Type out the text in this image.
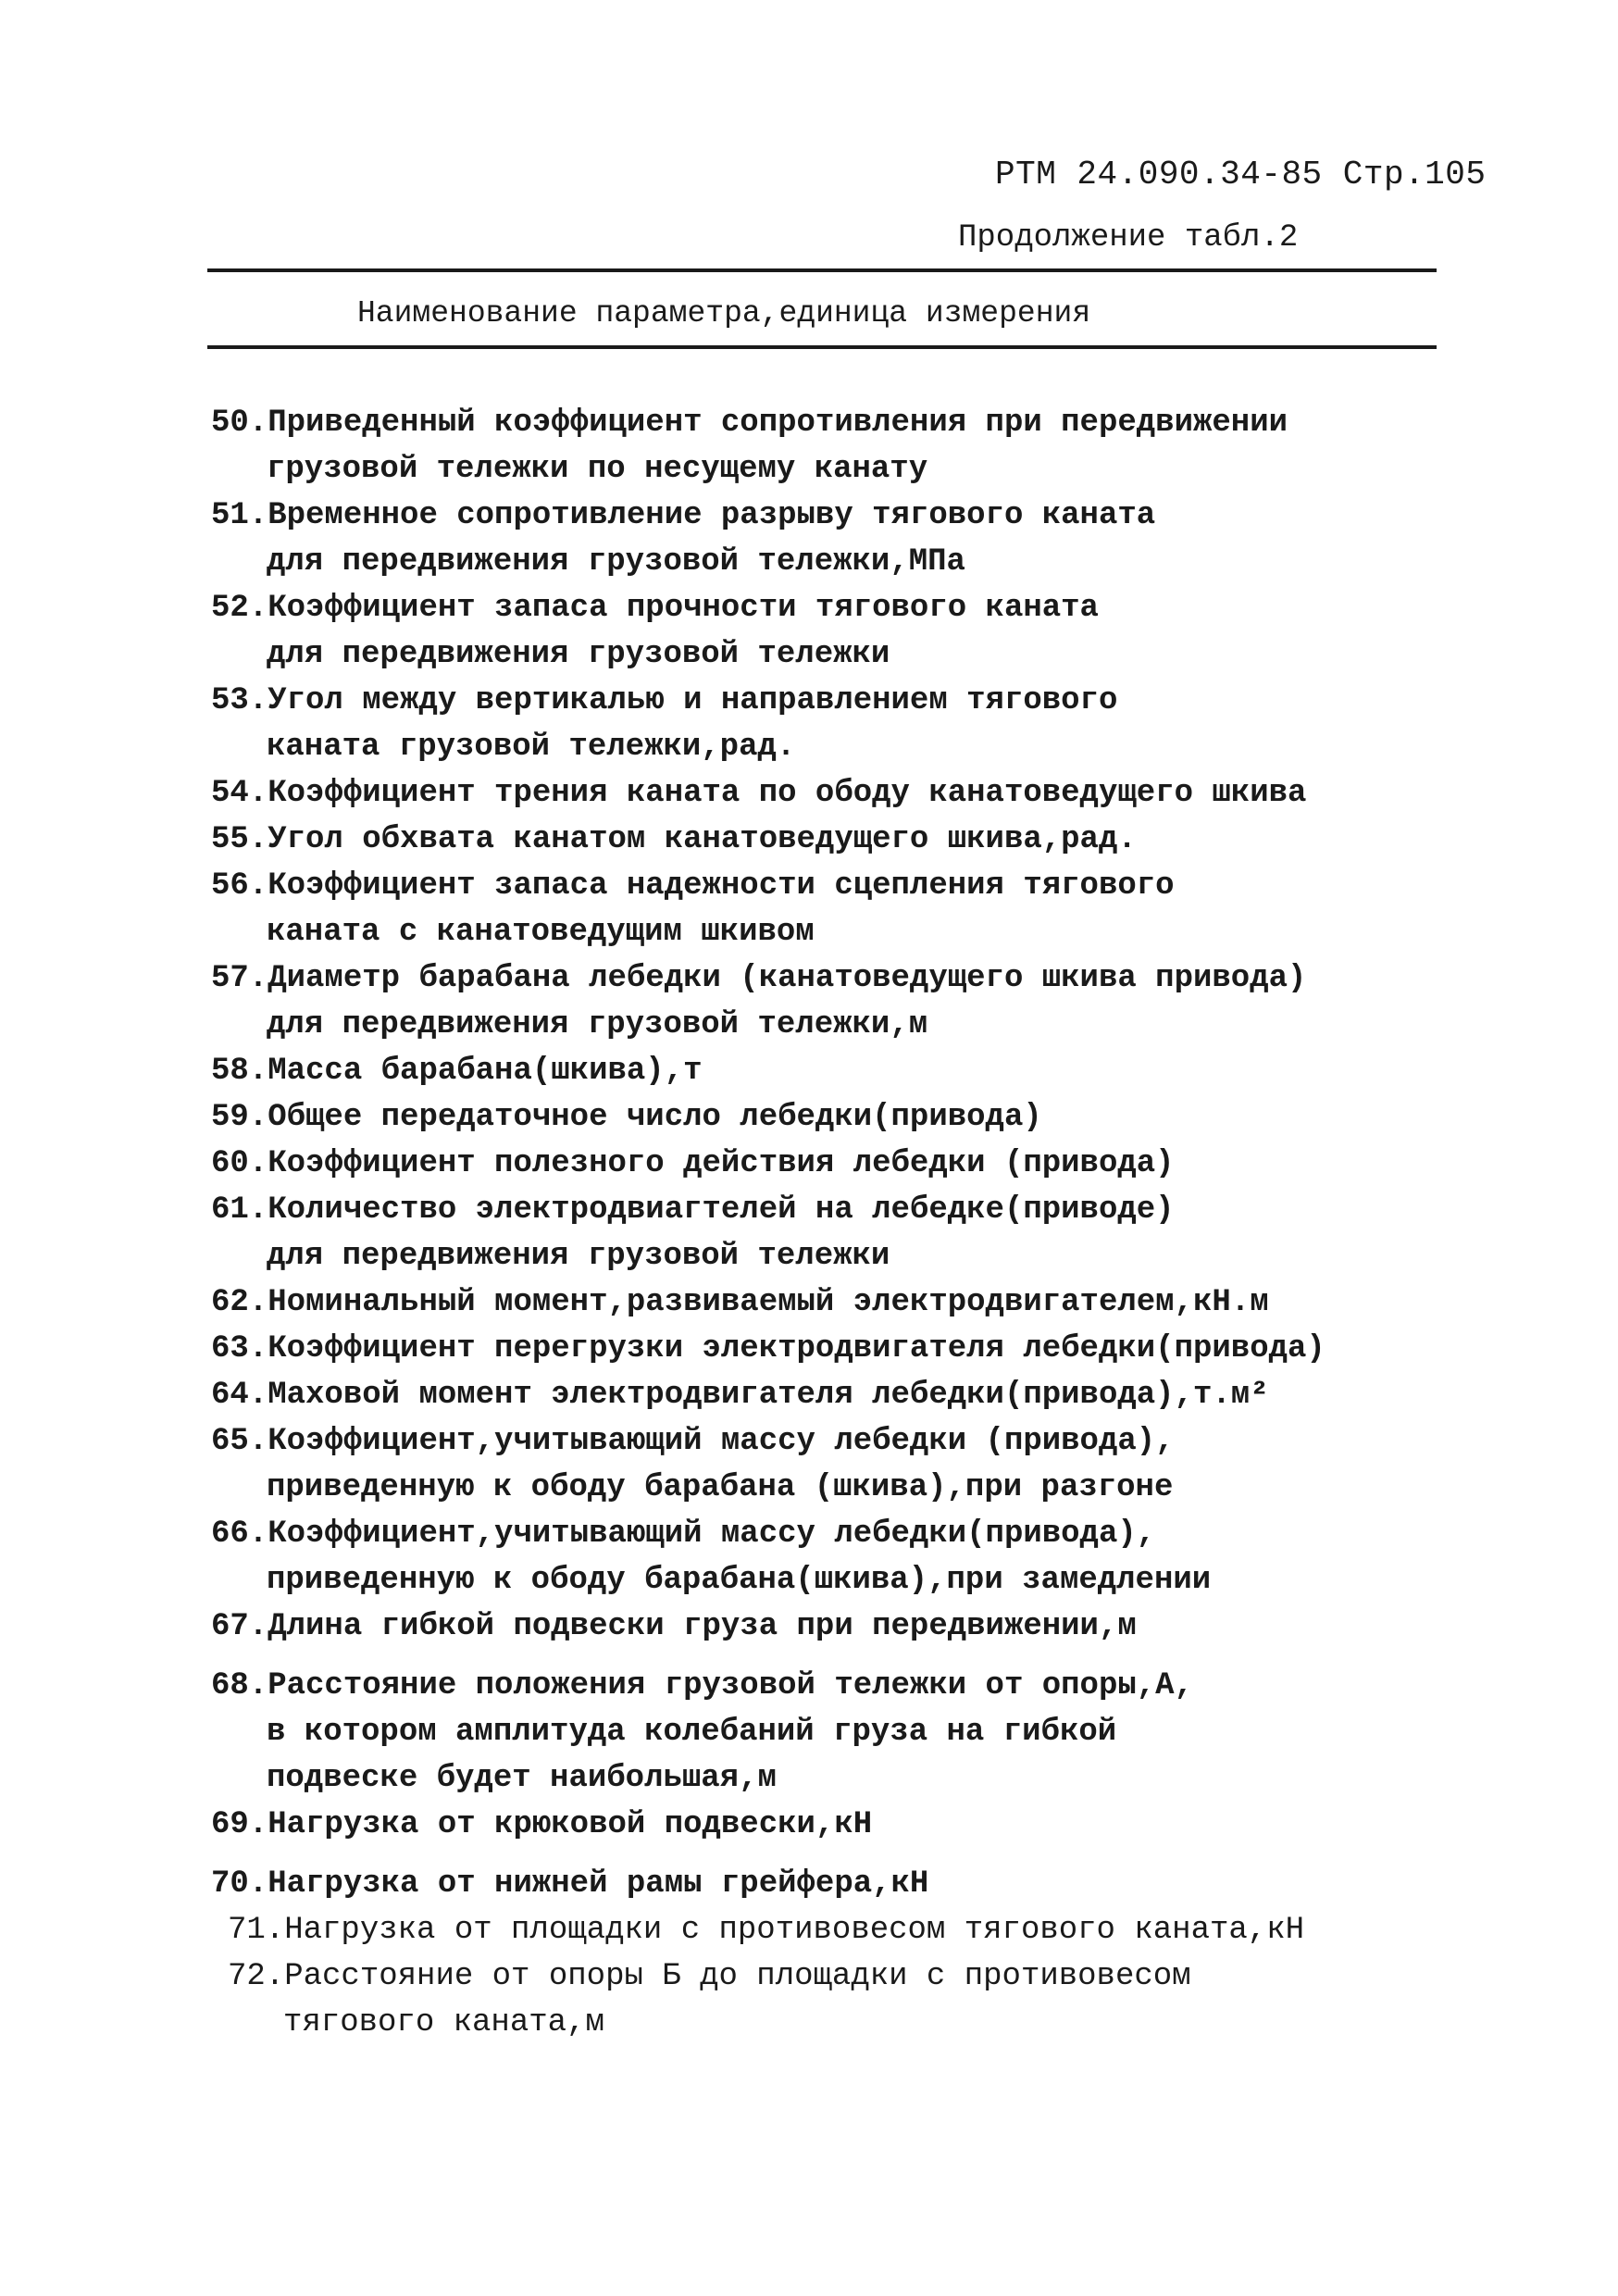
РТМ 24.090.34-85 Стр.105
Продолжение табл.2
Наименование параметра,единица измерения
50.Приведенный коэффициент сопротивления при передвижении
грузовой тележки по несущему канату
51.Временное сопротивление разрыву тягового каната
для передвижения грузовой тележки,МПа
52.Коэффициент запаса прочности тягового каната
для передвижения грузовой тележки
53.Угол между вертикалью и направлением тягового
каната грузовой тележки,рад.
54.Коэффициент трения каната по ободу канатоведущего шкива
55.Угол обхвата канатом канатоведущего шкива,рад.
56.Коэффициент запаса надежности сцепления тягового
каната с канатоведущим шкивом
57.Диаметр барабана лебедки (канатоведущего шкива привода)
для передвижения грузовой тележки,м
58.Масса барабана(шкива),т
59.Общее передаточное число лебедки(привода)
60.Коэффициент полезного действия лебедки (привода)
61.Количество электродвиагтелей на лебедке(приводе)
для передвижения грузовой тележки
62.Номинальный момент,развиваемый электродвигателем,кН.м
63.Коэффициент перегрузки электродвигателя лебедки(привода)
64.Маховой момент электродвигателя лебедки(привода),т.м²
65.Коэффициент,учитывающий массу лебедки (привода),
приведенную к ободу барабана (шкива),при разгоне
66.Коэффициент,учитывающий массу лебедки(привода),
приведенную к ободу барабана(шкива),при замедлении
67.Длина гибкой подвески груза при передвижении,м
68.Расстояние положения грузовой тележки от опоры,А,
в котором амплитуда колебаний груза на гибкой
подвеске будет наибольшая,м
69.Нагрузка от крюковой подвески,кН
70.Нагрузка от нижней рамы грейфера,кН
71.Нагрузка от площадки с противовесом тягового каната,кН
72.Расстояние от опоры Б до площадки с противовесом
тягового каната,м
